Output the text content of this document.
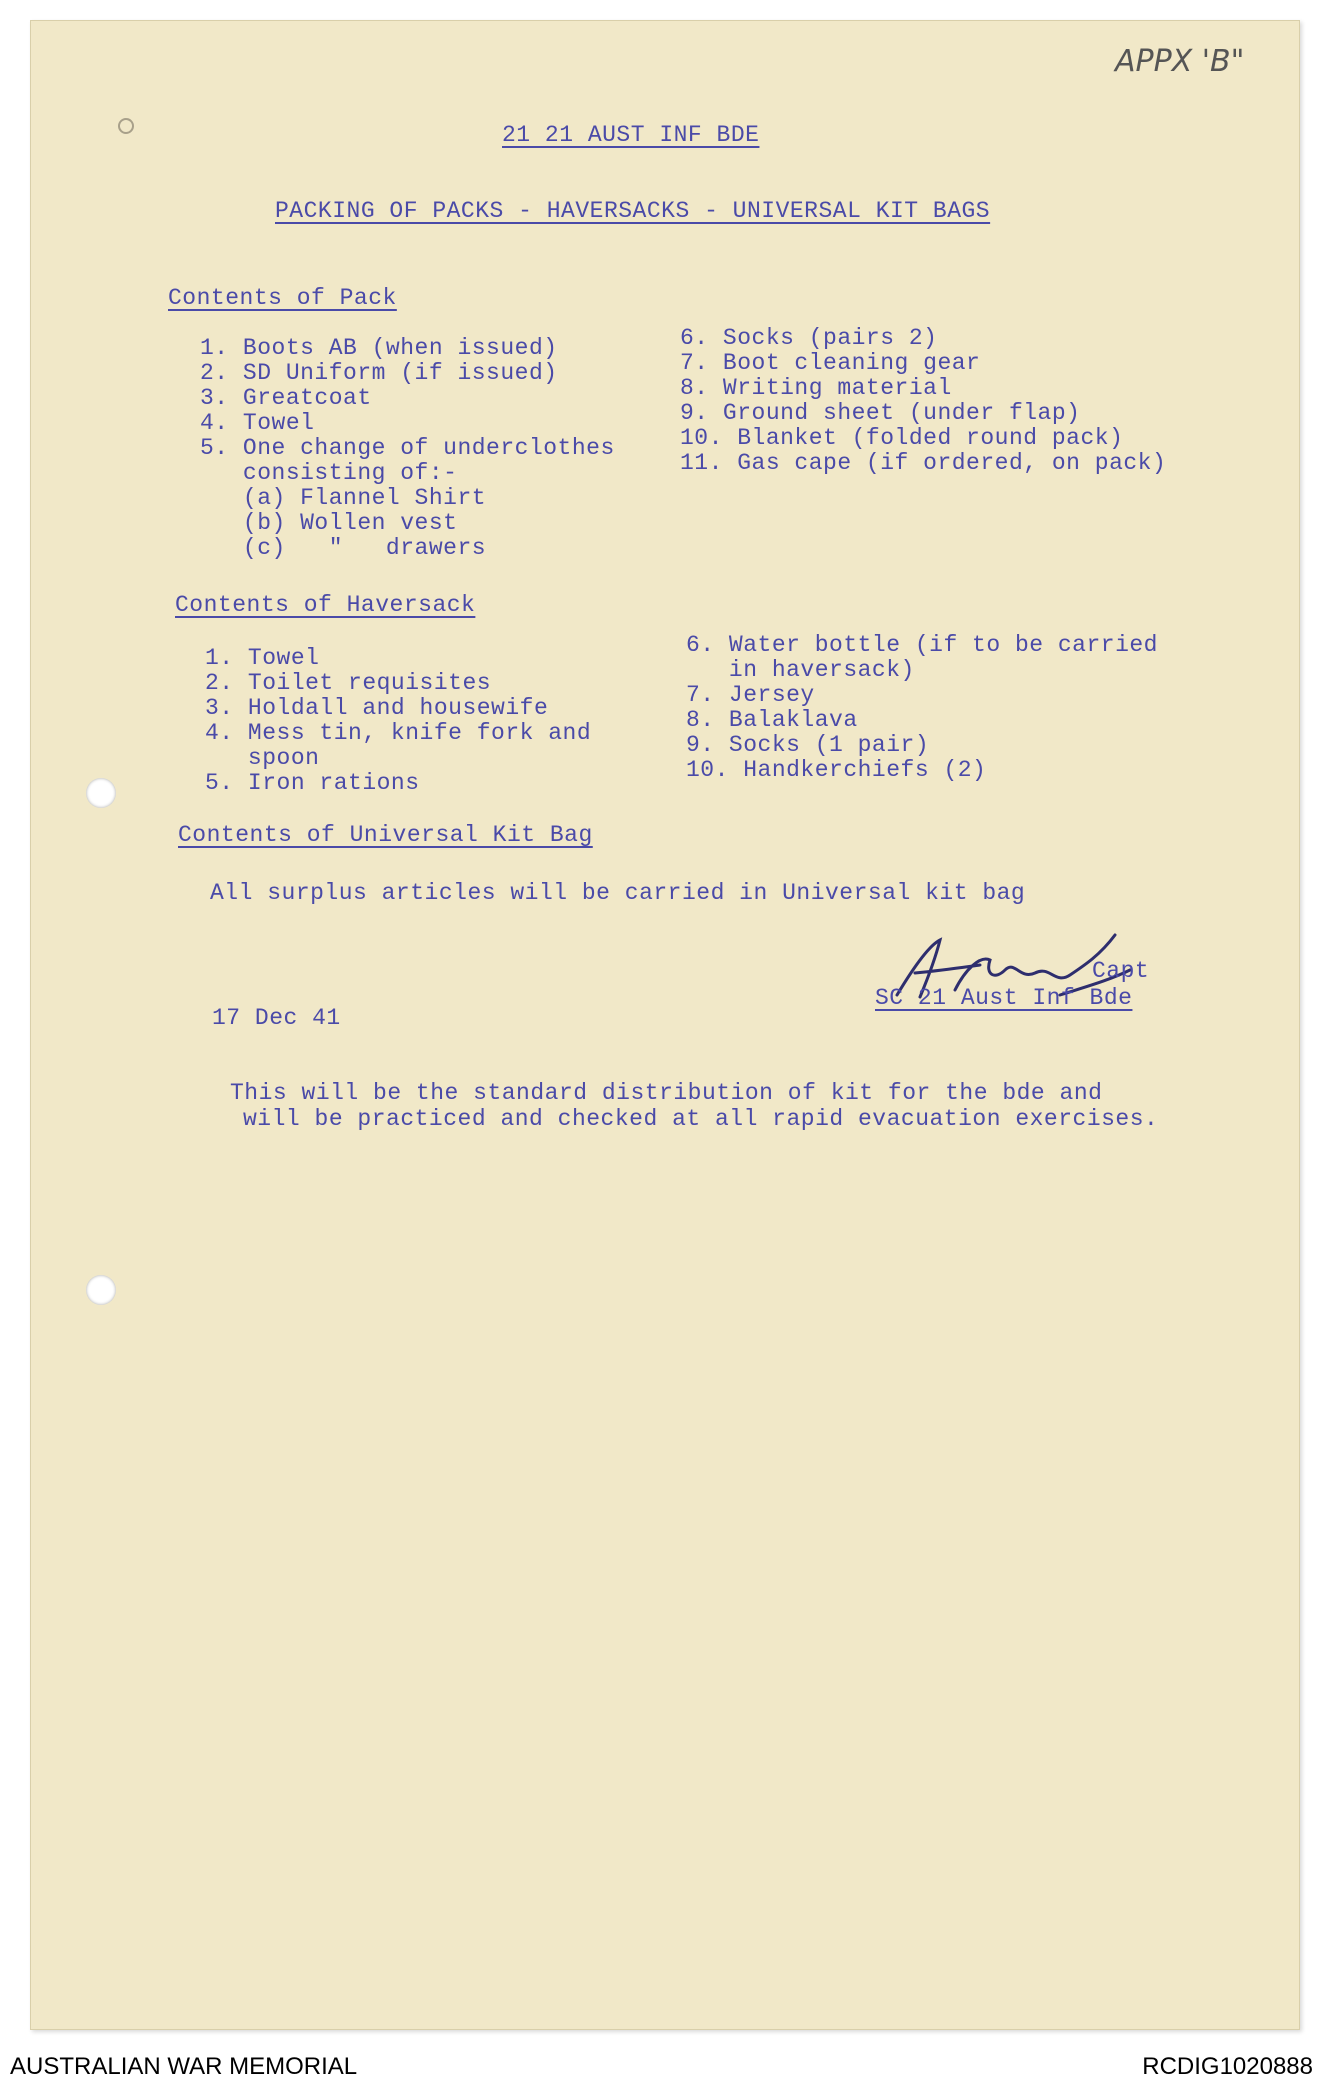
APPX 'B"
21 21 AUST INF BDE
PACKING OF PACKS - HAVERSACKS - UNIVERSAL KIT BAGS
Contents of Pack
1. Boots AB (when issued)
2. SD Uniform (if issued)
3. Greatcoat
4. Towel
5. One change of underclothes
consisting of:-
(a) Flannel Shirt
(b) Wollen vest
(c)   "   drawers
6. Socks (pairs 2)
7. Boot cleaning gear
8. Writing material
9. Ground sheet (under flap)
10. Blanket (folded round pack)
11. Gas cape (if ordered, on pack)
Contents of Haversack
1. Towel
2. Toilet requisites
3. Holdall and housewife
4. Mess tin, knife fork and
spoon
5. Iron rations
6. Water bottle (if to be carried
in haversack)
7. Jersey
8. Balaklava
9. Socks (1 pair)
10. Handkerchiefs (2)
Contents of Universal Kit Bag
All surplus articles will be carried in Universal kit bag
Capt
SC 21 Aust Inf Bde
17 Dec 41
This will be the standard distribution of kit for the bde and
will be practiced and checked at all rapid evacuation exercises.
AUSTRALIAN WAR MEMORIAL	RCDIG1020888
